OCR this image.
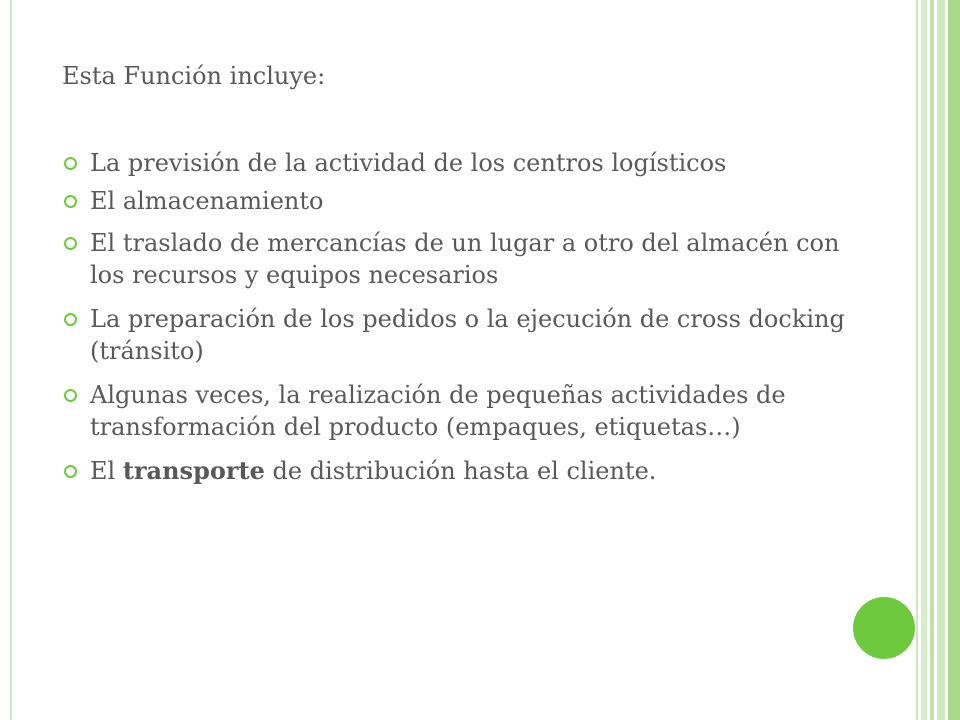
Esta Función incluye:

La previsión de la actividad de los centros logísticos
El almacenamiento
El traslado de mercancías de un lugar a otro del almacén con los recursos y equipos necesarios
La preparación de los pedidos o la ejecución de cross docking (tránsito)
Algunas veces, la realización de pequeñas actividades de transformación del producto (empaques, etiquetas…)
El transporte de distribución hasta el cliente.
